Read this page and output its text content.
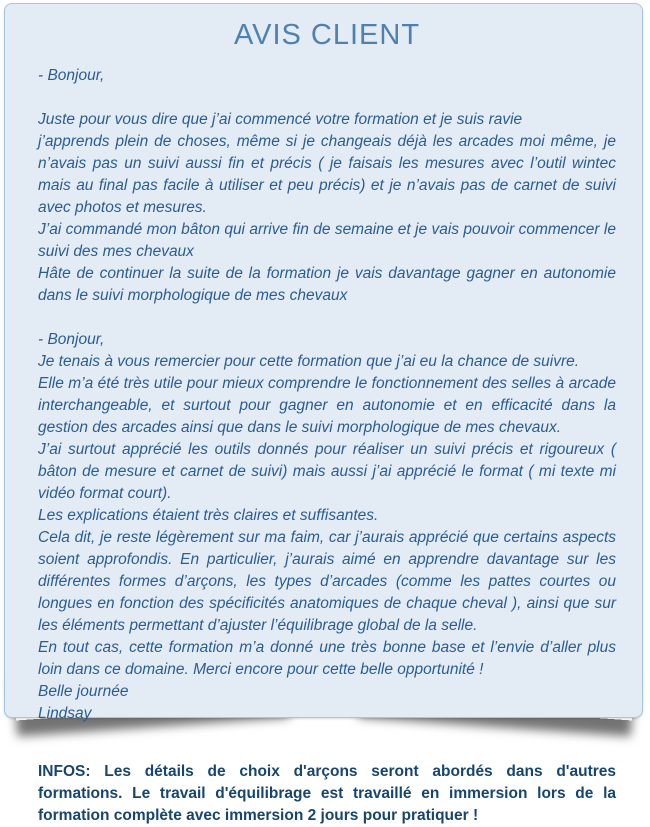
AVIS CLIENT

- Bonjour,

Juste pour vous dire que j’ai commencé votre formation et je suis ravie

j’apprends plein de choses, même si je changeais déjà les arcades moi même, je n’avais pas un suivi aussi fin et précis ( je faisais les mesures avec l’outil wintec mais au final pas facile à utiliser et peu précis) et je n’avais pas de carnet de suivi avec photos et mesures.

J’ai commandé mon bâton qui arrive fin de semaine et je vais pouvoir commencer le suivi des mes chevaux

Hâte de continuer la suite de la formation je vais davantage gagner en autonomie dans le suivi morphologique de mes chevaux

- Bonjour,

Je tenais à vous remercier pour cette formation que j’ai eu la chance de suivre.

Elle m’a été très utile pour mieux comprendre le fonctionnement des selles à arcade interchangeable, et surtout pour gagner en autonomie et en efficacité dans la gestion des arcades ainsi que dans le suivi morphologique de mes chevaux.

J’ai surtout apprécié les outils donnés pour réaliser un suivi précis et rigoureux ( bâton de mesure et carnet de suivi) mais aussi j’ai apprécié le format ( mi texte mi vidéo format court).

Les explications étaient très claires et suffisantes.

Cela dit, je reste légèrement sur ma faim, car j’aurais apprécié que certains aspects soient approfondis. En particulier, j’aurais aimé en apprendre davantage sur les différentes formes d’arçons, les types d’arcades (comme les pattes courtes ou longues en fonction des spécificités anatomiques de chaque cheval ), ainsi que sur les éléments permettant d’ajuster l’équilibrage global de la selle.

En tout cas, cette formation m’a donné une très bonne base et l’envie d’aller plus loin dans ce domaine. Merci encore pour cette belle opportunité !

Belle journée

Lindsay

INFOS: Les détails de choix d'arçons seront abordés dans d'autres formations. Le travail d'équilibrage est travaillé en immersion lors de la formation complète avec immersion 2 jours pour pratiquer !
